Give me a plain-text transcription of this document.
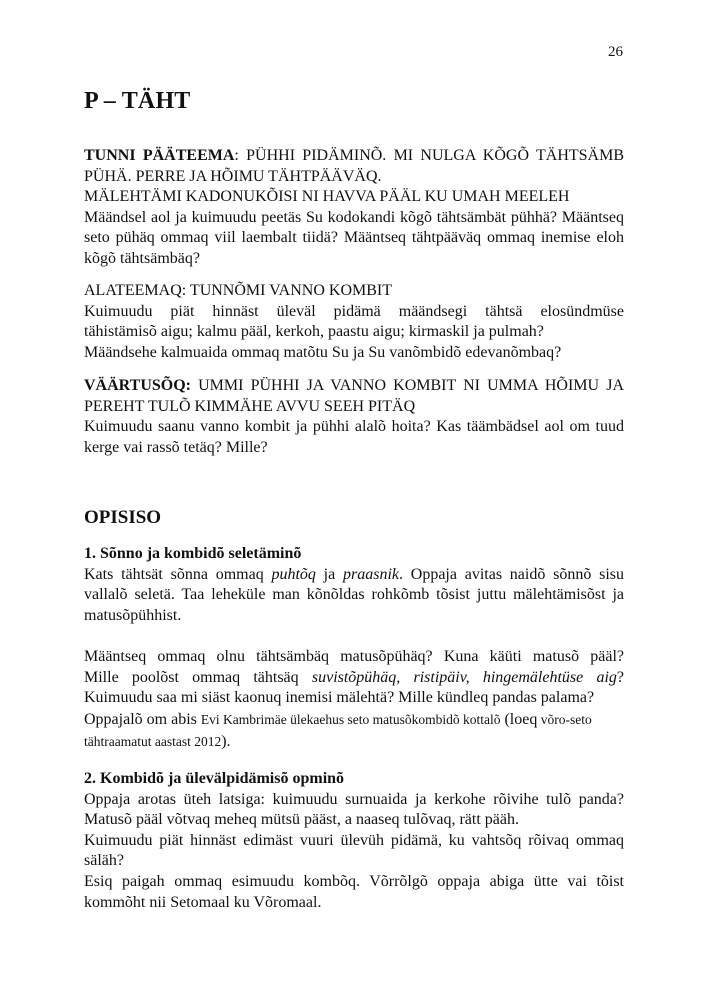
26
P – TÄHT
TUNNI PÄÄTEEMA: PÜHHI PIDÄMINÕ. MI NULGA KÕGÕ TÄHTSÄMB
PÜHÄ. PERRE JA HÕIMU TÄHTPÄÄVÄQ.
MÄLEHTÄMI KADONUKÕISI NI HAVVA PÄÄL KU UMAH MEELEH

Määndsel aol ja kuimuudu peetäs Su kodokandi kõgõ tähtsämbät pühhä? Määntseq seto pühäq ommaq viil laembalt tiidä? Määntseq tähtpääväq ommaq inemise eloh kõgõ tähtsämbäq?

ALATEEMAQ: TUNNÕMI VANNO KOMBIT

Kuimuudu piät hinnäst üleväl pidämä määndsegi tähtsä elosündmüse
tähistämisõ aigu; kalmu pääl, kerkoh, paastu aigu; kirmaskil ja pulmah?
Määndsehe kalmuaida ommaq matõtu Su ja Su vanõmbidõ edevanõmbaq?

VÄÄRTUSÕQ: UMMI PÜHHI JA VANNO KOMBIT NI UMMA HÕIMU JA PEREHT TULÕ KIMMÄHE AVVU SEEH PITÄQ

Kuimuudu saanu vanno kombit ja pühhi alalõ hoita? Kas täämbädsel aol om tuud kerge vai rassõ tetäq? Mille?

OPISISO
1. Sõnno ja kombidõ seletäminõ

Kats tähtsät sõnna ommaq puhtõq ja praasnik. Oppaja avitas naidõ sõnnõ sisu vallalõ seletä. Taa leheküle man kõnõldas rohkõmb tõsist juttu mälehtämisõst ja matusõpühhist.

Määntseq ommaq olnu tähtsämbäq matusõpühäq? Kuna käüti matusõ pääl?
Mille poolõst ommaq tähtsäq suvistõpühäq, ristipäiv, hingemälehtüse aig?
Kuimuudu saa mi siäst kaonuq inemisi mälehtä? Mille kündleq pandas palama?

Oppajalõ om abis Evi Kambrimäe ülekaehus seto matusõkombidõ kottalõ (loeq võro-seto tähtraamatut aastast 2012).

2. Kombidõ ja ülevälpidämisõ opminõ
Oppaja arotas üteh latsiga: kuimuudu surnuaida ja kerkohe rõivihe tulõ panda?
Matusõ pääl võtvaq meheq mütsü pääst, a naaseq tulõvaq, rätt pääh.

Kuimuudu piät hinnäst edimäst vuuri ülevüh pidämä, ku vahtsõq rõivaq ommaq säläh?

Esiq paigah ommaq esimuudu kombõq. Võrrõlgõ oppaja abiga ütte vai tõist kommõht nii Setomaal ku Võromaal.
